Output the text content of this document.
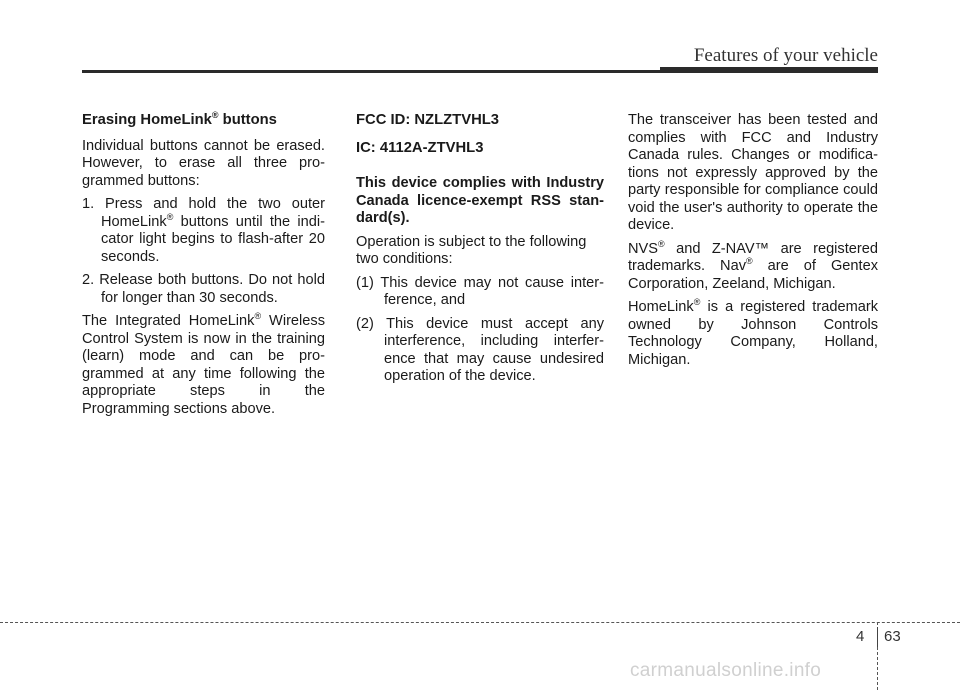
Features of your vehicle

Erasing HomeLink® buttons

Individual buttons cannot be erased. However, to erase all three pro-grammed buttons:

1. Press and hold the two outer HomeLink® buttons until the indi-cator light begins to flash-after 20 seconds.

2. Release both buttons. Do not hold for longer than 30 seconds.

The Integrated HomeLink® Wireless Control System is now in the training (learn) mode and can be pro-grammed at any time following the appropriate steps in the Programming sections above.

FCC ID: NZLZTVHL3

IC: 4112A-ZTVHL3

This device complies with Industry Canada licence-exempt RSS stan-dard(s).

Operation is subject to the following two conditions:

(1) This device may not cause inter-ference, and

(2) This device must accept any interference, including interfer-ence that may cause undesired operation of the device.

The transceiver has been tested and complies with FCC and Industry Canada rules. Changes or modifica-tions not expressly approved by the party responsible for compliance could void the user's authority to operate the device.

NVS® and Z-NAV™ are registered trademarks. Nav® are of Gentex Corporation, Zeeland, Michigan.

HomeLink® is a registered trademark owned by Johnson Controls Technology Company, Holland, Michigan.

4 63
carmanualsonline.info
